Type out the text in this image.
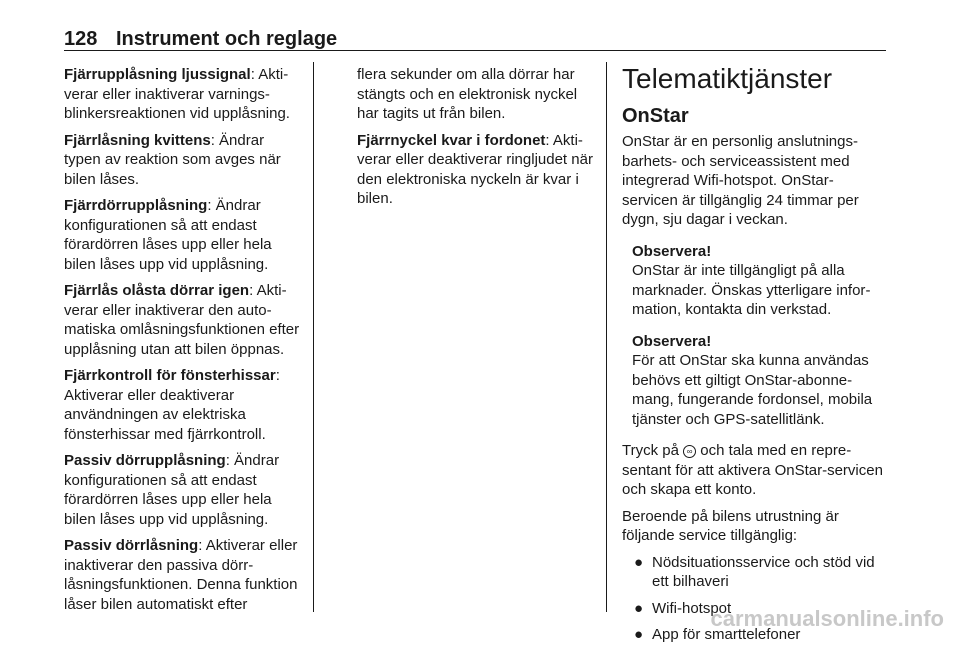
128 Instrument och reglage

Fjärrupplåsning ljussignal: Aktiverar eller inaktiverar varningsblinkersreaktionen vid upplåsning.

Fjärrlåsning kvittens: Ändrar typen av reaktion som avges när bilen låses.

Fjärrdörrupplåsning: Ändrar konfigurationen så att endast förardörren låses upp eller hela bilen låses upp vid upplåsning.

Fjärrlås olåsta dörrar igen: Aktiverar eller inaktiverar den automatiska omlåsningsfunktionen efter upplåsning utan att bilen öppnas.

Fjärrkontroll för fönsterhissar: Aktiverar eller deaktiverar användningen av elektriska fönsterhissar med fjärrkontroll.

Passiv dörrupplåsning: Ändrar konfigurationen så att endast förardörren låses upp eller hela bilen låses upp vid upplåsning.

Passiv dörrlåsning: Aktiverar eller inaktiverar den passiva dörrlåsningsfunktionen. Denna funktion låser bilen automatiskt efter

flera sekunder om alla dörrar har stängts och en elektronisk nyckel har tagits ut från bilen.

Fjärrnyckel kvar i fordonet: Aktiverar eller deaktiverar ringljudet när den elektroniska nyckeln är kvar i bilen.

Telematiktjänster
OnStar

OnStar är en personlig anslutningsbarhets- och serviceassistent med integrerad Wifi-hotspot. OnStar-servicen är tillgänglig 24 timmar per dygn, sju dagar i veckan.

Observera!
OnStar är inte tillgängligt på alla marknader. Önskas ytterligare information, kontakta din verkstad.
Observera!
För att OnStar ska kunna användas behövs ett giltigt OnStar-abonnemang, fungerande fordonsel, mobila tjänster och GPS-satellitlänk.

Tryck på ∞ och tala med en representant för att aktivera OnStar-servicen och skapa ett konto.

Beroende på bilens utrustning är följande service tillgänglig:

● Nödsituationsservice och stöd vid ett bilhaveri
● Wifi-hotspot
● App för smarttelefoner
carmanualsonline.info
